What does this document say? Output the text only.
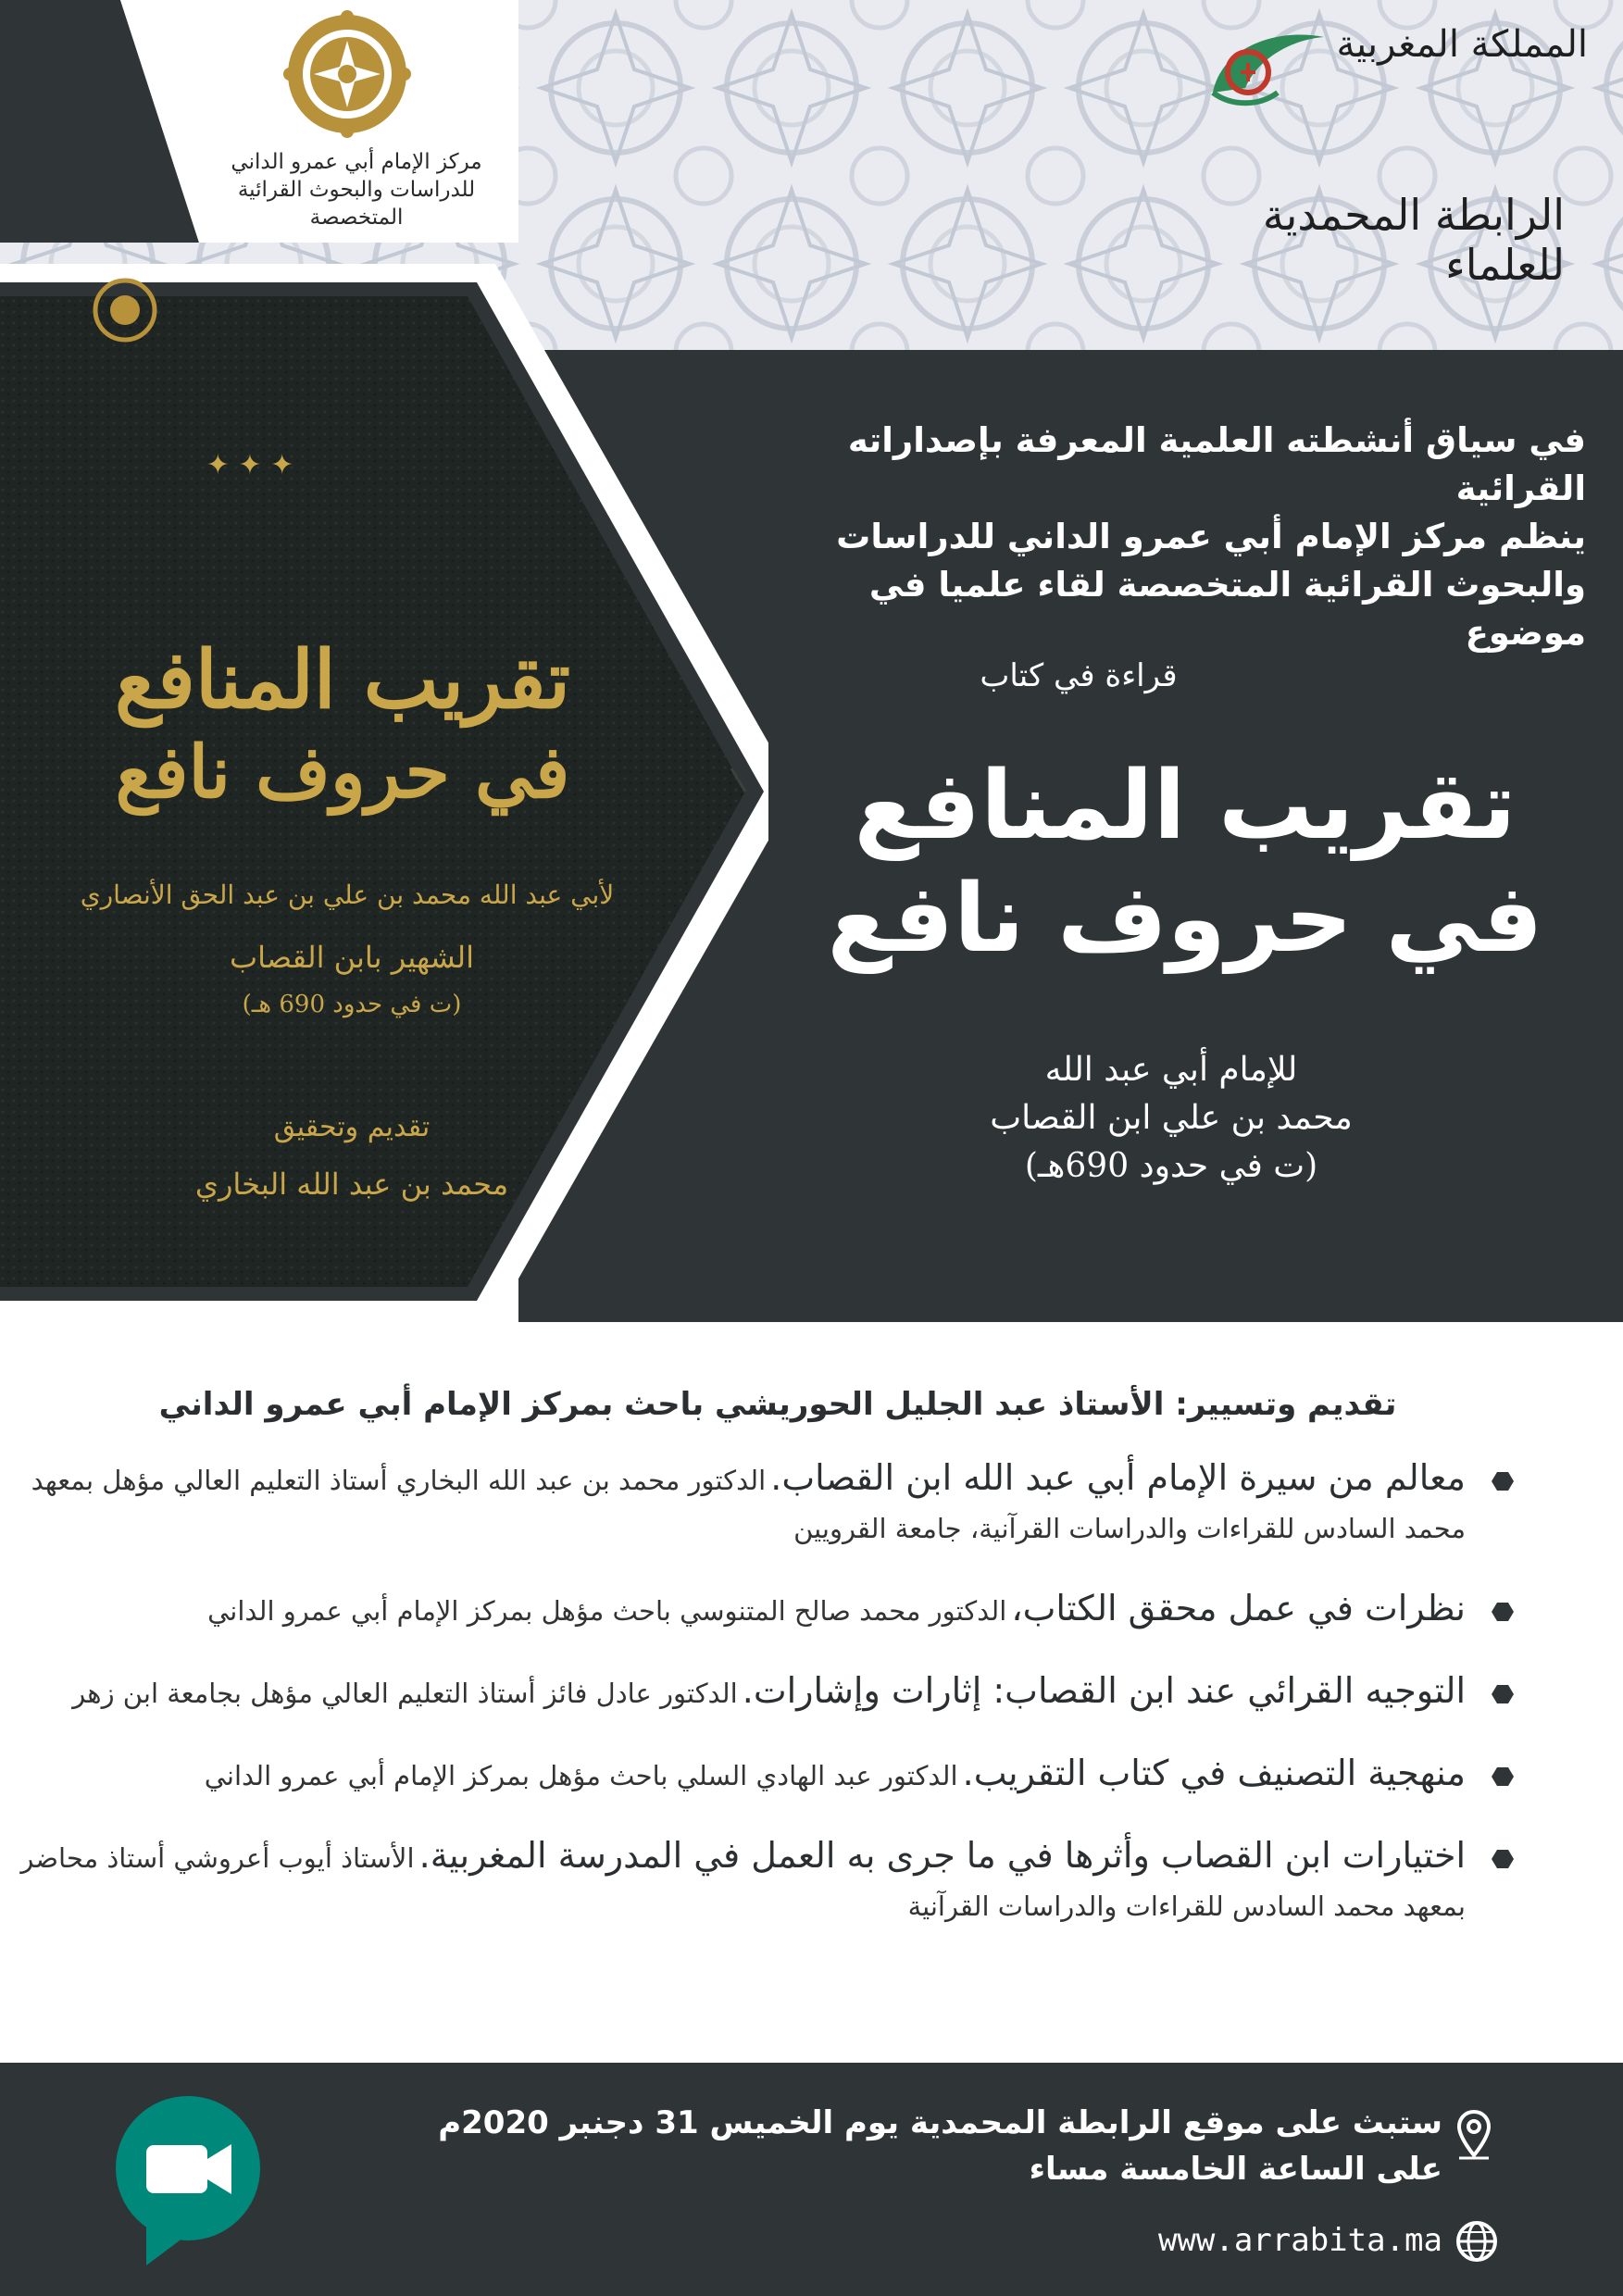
مركز الإمام أبي عمرو الداني
للدراسات والبحوث القرائية المتخصصة
المملكة المغربية
الرابطة المحمدية للعلماء
✦ ✦ ✦
تقريب المنافع
في حروف نافع
لأبي عبد الله محمد بن علي بن عبد الحق الأنصاري
الشهير بابن القصاب
(ت في حدود 690 هـ)
تقديم وتحقيق
محمد بن عبد الله البخاري
في سياق أنشطته العلمية المعرفة بإصداراته القرائية
ينظم مركز الإمام أبي عمرو الداني للدراسات
والبحوث القرائية المتخصصة لقاء علميا في موضوع
قراءة في كتاب
تقريب المنافع
في حروف نافع
للإمام أبي عبد الله
محمد بن علي ابن القصاب
(ت في حدود 690هـ)
تقديم وتسيير: الأستاذ عبد الجليل الحوريشي باحث بمركز الإمام أبي عمرو الداني
معالم من سيرة الإمام أبي عبد الله ابن القصاب. الدكتور محمد بن عبد الله البخاري أستاذ التعليم العالي مؤهل بمعهد محمد السادس للقراءات والدراسات القرآنية، جامعة القرويين
نظرات في عمل محقق الكتاب، الدكتور محمد صالح المتنوسي باحث مؤهل بمركز الإمام أبي عمرو الداني
التوجيه القرائي عند ابن القصاب: إثارات وإشارات. الدكتور عادل فائز أستاذ التعليم العالي مؤهل بجامعة ابن زهر
منهجية التصنيف في كتاب التقريب. الدكتور عبد الهادي السلي باحث مؤهل بمركز الإمام أبي عمرو الداني
اختيارات ابن القصاب وأثرها في ما جرى به العمل في المدرسة المغربية. الأستاذ أيوب أعروشي أستاذ محاضر بمعهد محمد السادس للقراءات والدراسات القرآنية
ستبث على موقع الرابطة المحمدية يوم الخميس 31 دجنبر 2020م
على الساعة الخامسة مساء
www.arrabita.ma
